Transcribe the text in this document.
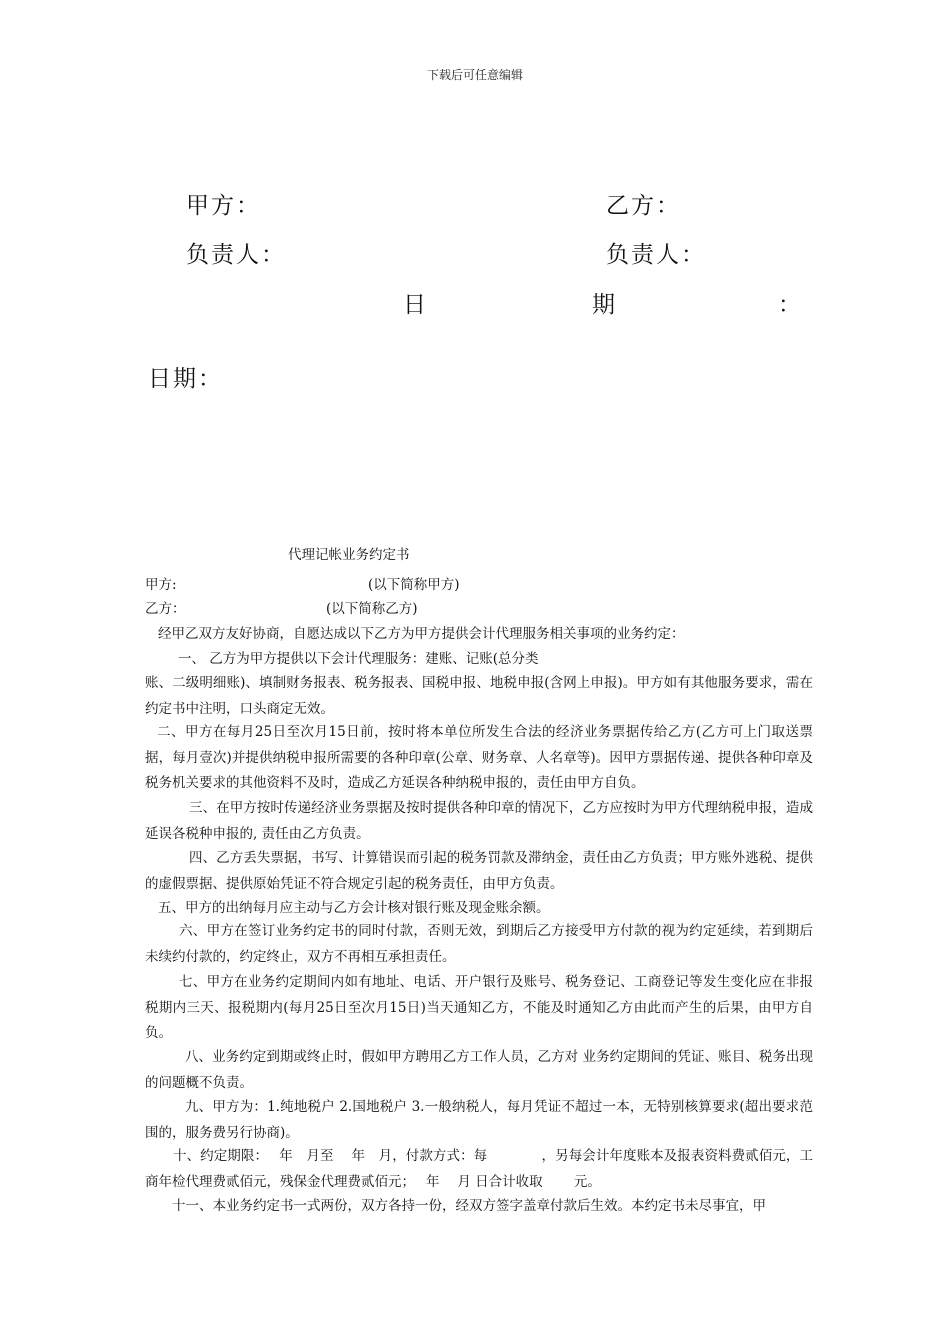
下载后可任意编辑
甲方：	乙方：
负责人：	负责人：
日	期	：
日期：
代理记帐业务约定书
甲方:	(以下简称甲方)
乙方：	(以下简称乙方)
经甲乙双方友好协商，自愿达成以下乙方为甲方提供会计代理服务相关事项的业务约定：
一、 乙方为甲方提供以下会计代理服务：建账、记账(总分类
账、二级明细账)、填制财务报表、税务报表、国税申报、地税申报(含网上申报)。甲方如有其他服务要求，需在约定书中注明，口头商定无效。
二、甲方在每月25日至次月15日前，按时将本单位所发生合法的经济业务票据传给乙方(乙方可上门取送票据，每月壹次)并提供纳税申报所需要的各种印章(公章、财务章、人名章等)。因甲方票据传递、提供各种印章及税务机关要求的其他资料不及时，造成乙方延误各种纳税申报的，责任由甲方自负。
三、在甲方按时传递经济业务票据及按时提供各种印章的情况下，乙方应按时为甲方代理纳税申报，造成延误各税种申报的, 责任由乙方负责。
四、乙方丢失票据，书写、计算错误而引起的税务罚款及滞纳金，责任由乙方负责；甲方账外逃税、提供的虚假票据、提供原始凭证不符合规定引起的税务责任，由甲方负责。
五、甲方的出纳每月应主动与乙方会计核对银行账及现金账余额。
六、甲方在签订业务约定书的同时付款，否则无效，到期后乙方接受甲方付款的视为约定延续，若到期后未续约付款的，约定终止，双方不再相互承担责任。
七、甲方在业务约定期间内如有地址、电话、开户银行及账号、税务登记、工商登记等发生变化应在非报税期内三天、报税期内(每月25日至次月15日)当天通知乙方，不能及时通知乙方由此而产生的后果，由甲方自负。
八、业务约定到期或终止时，假如甲方聘用乙方工作人员，乙方对 业务约定期间的凭证、账目、税务出现的问题概不负责。
九、甲方为：1.纯地税户 2.国地税户 3.一般纳税人，每月凭证不超过一本，无特别核算要求(超出要求范围的，服务费另行协商)。
十、约定期限：　 年　月至　 年　月，付款方式：每　　　　，另每会计年度账本及报表资料费贰佰元，工商年检代理费贰佰元，残保金代理费贰佰元；　 年　 月 日合计收取　　 元。
十一、本业务约定书一式两份，双方各持一份，经双方签字盖章付款后生效。本约定书未尽事宜，甲
